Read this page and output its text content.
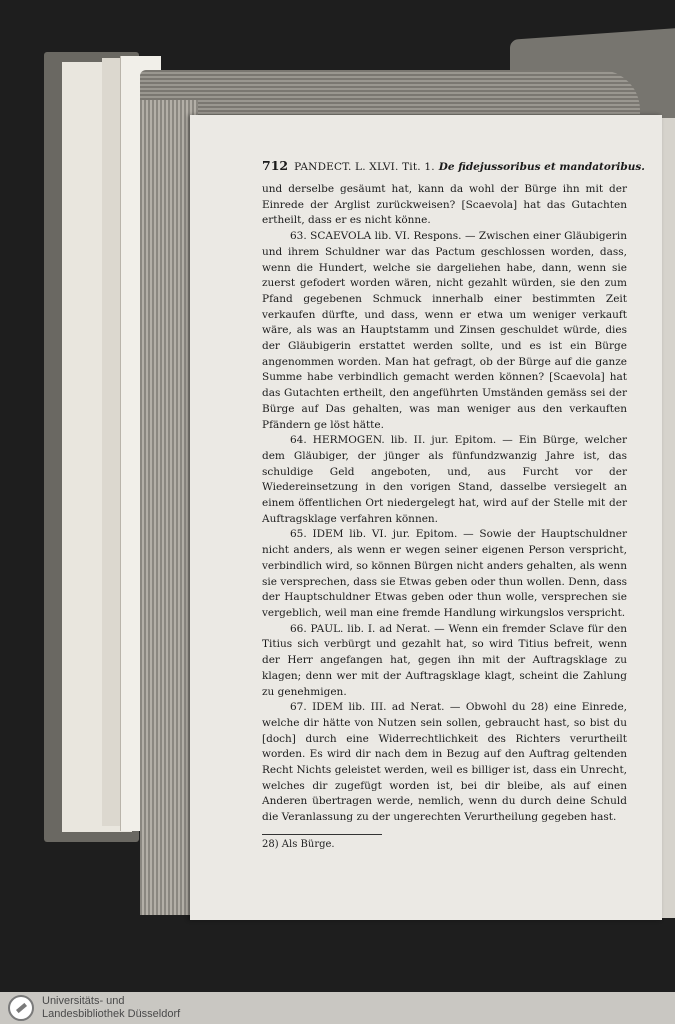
712 PANDECT. L. XLVI. Tit. 1. De fidejussoribus et mandatoribus.

und derselbe gesäumt hat, kann da wohl der Bürge ihn mit der Einrede der Arglist zurückweisen? [Scaevola] hat das Gutachten ertheilt, dass er es nicht könne.

63. SCAEVOLA lib. VI. Respons. — Zwischen einer Gläubigerin und ihrem Schuldner war das Pactum geschlossen worden, dass, wenn die Hundert, welche sie dargeliehen habe, dann, wenn sie zuerst gefodert worden wären, nicht gezahlt würden, sie den zum Pfand gegebenen Schmuck innerhalb einer bestimmten Zeit verkaufen dürfte, und dass, wenn er etwa um weniger verkauft wäre, als was an Hauptstamm und Zinsen geschuldet würde, dies der Gläubigerin erstattet werden sollte, und es ist ein Bürge angenommen worden. Man hat gefragt, ob der Bürge auf die ganze Summe habe verbindlich gemacht werden können? [Scaevola] hat das Gutachten ertheilt, den angeführten Umständen gemäss sei der Bürge auf Das gehalten, was man weniger aus den verkauften Pfändern ge löst hätte.

64. HERMOGEN. lib. II. jur. Epitom. — Ein Bürge, welcher dem Gläubiger, der jünger als fünfundzwanzig Jahre ist, das schuldige Geld angeboten, und, aus Furcht vor der Wiedereinsetzung in den vorigen Stand, dasselbe versiegelt an einem öffentlichen Ort niedergelegt hat, wird auf der Stelle mit der Auftragsklage verfahren können.

65. IDEM lib. VI. jur. Epitom. — Sowie der Hauptschuldner nicht anders, als wenn er wegen seiner eigenen Person verspricht, verbindlich wird, so können Bürgen nicht anders gehalten, als wenn sie versprechen, dass sie Etwas geben oder thun wollen. Denn, dass der Hauptschuldner Etwas geben oder thun wolle, versprechen sie vergeblich, weil man eine fremde Handlung wirkungslos verspricht.

66. PAUL. lib. I. ad Nerat. — Wenn ein fremder Sclave für den Titius sich verbürgt und gezahlt hat, so wird Titius befreit, wenn der Herr angefangen hat, gegen ihn mit der Auftragsklage zu klagen; denn wer mit der Auftragsklage klagt, scheint die Zahlung zu genehmigen.

67. IDEM lib. III. ad Nerat. — Obwohl du 28) eine Einrede, welche dir hätte von Nutzen sein sollen, gebraucht hast, so bist du [doch] durch eine Widerrechtlichkeit des Richters verurtheilt worden. Es wird dir nach dem in Bezug auf den Auftrag geltenden Recht Nichts geleistet werden, weil es billiger ist, dass ein Unrecht, welches dir zugefügt worden ist, bei dir bleibe, als auf einen Anderen übertragen werde, nemlich, wenn du durch deine Schuld die Veranlassung zu der ungerechten Verurtheilung gegeben hast.

28) Als Bürge.
Universitäts- und
Landesbibliothek Düsseldorf
